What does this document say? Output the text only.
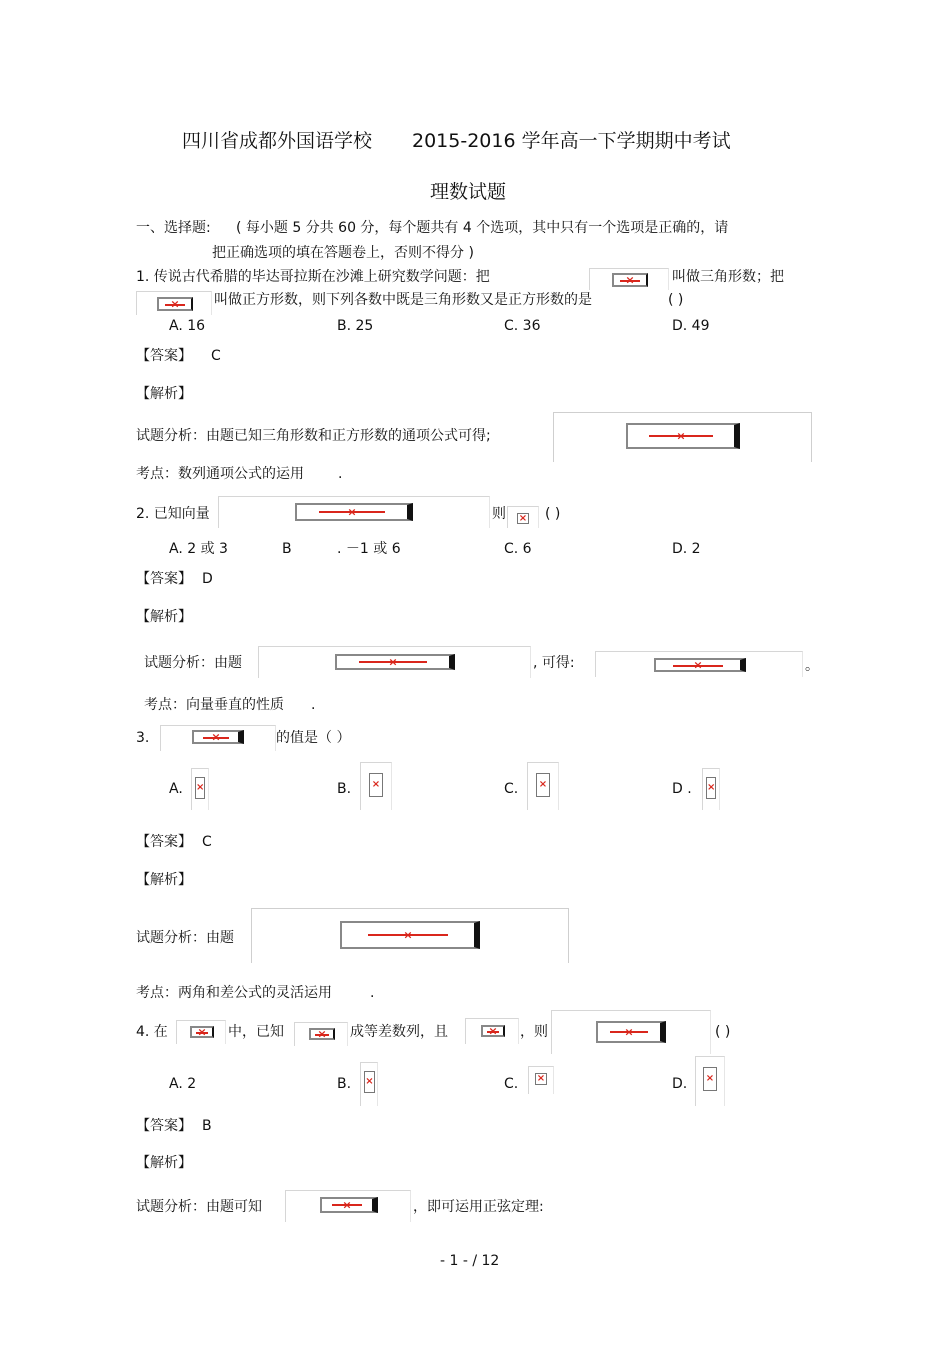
四川省成都外国语学校 2015-2016 学年高一下学期期中考试
理数试题
一、选择题: ( 每小题 5 分共 60 分，每个题共有 4 个选项，其中只有一个选项是正确的，请
把正确选项的填在答题卷上，否则不得分 )
1. 传说古代希腊的毕达哥拉斯在沙滩上研究数学问题：把 ×	叫做三角形数；把
×
叫做正方形数，则下列各数中既是三角形数又是正方形数的是	( )
A. 16	B. 25	C. 36	D. 49
【答案】 C
【解析】
试题分析：由题已知三角形数和正方形数的通项公式可得;
×
考点：数列通项公式的运用 .
2. 已知向量 ×	则 ×	( )
A. 2 或 3	B	. －1 或 6	C. 6	D. 2
【答案】 D
【解析】
试题分析：由题 ×	, 可得: ×	。
考点：向量垂直的性质 .
3. ×	的值是（ ）
A. ×	B. ×	C. ×	D .
×
【答案】 C
【解析】
试题分析：由题
×
考点：两角和差公式的灵活运用	.
4. 在 ×	中，已知 ×	成等差数列，且 ×	，则 ×	( )
A. 2	B. ×	C. ×	D.
×
【答案】 B
【解析】
试题分析：由题可知 ×	，即可运用正弦定理:
- 1 - / 12
